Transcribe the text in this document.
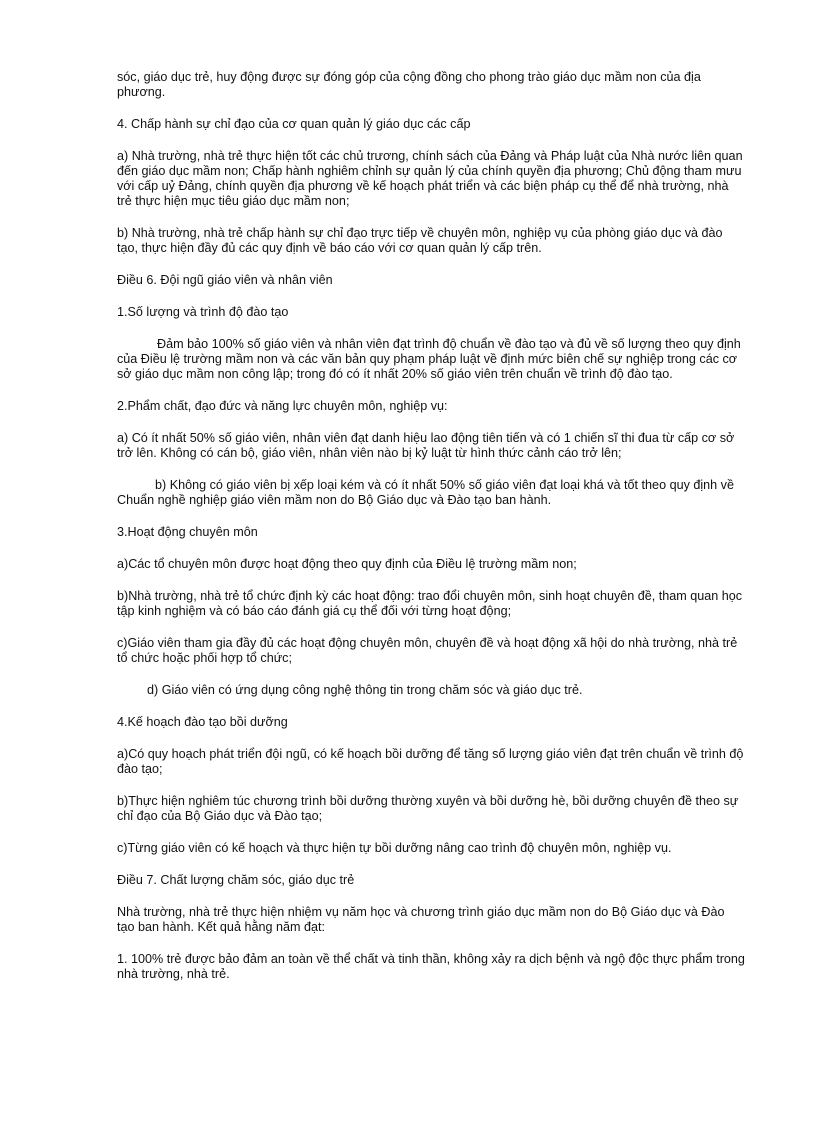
sóc, giáo dục trẻ, huy động được sự đóng góp của cộng đồng cho phong trào giáo dục mầm non của địa phương.

4. Chấp hành sự chỉ đạo của cơ quan quản lý giáo dục các cấp

a) Nhà trường, nhà trẻ thực hiện tốt các chủ trương, chính sách của Đảng và Pháp luật của Nhà nước liên quan đến giáo dục mầm non; Chấp hành nghiêm chỉnh sự quản lý của chính quyền địa phương; Chủ động tham mưu với cấp uỷ Đảng, chính quyền địa phương về kế hoạch phát triển và các biện pháp cụ thể để nhà trường, nhà trẻ thực hiện mục tiêu giáo dục mầm non;

b) Nhà trường, nhà trẻ chấp hành sự chỉ đạo trực tiếp về chuyên môn, nghiệp vụ của phòng giáo dục và đào tạo, thực hiện đầy đủ các quy định về báo cáo với cơ quan quản lý cấp trên.

Điều 6. Đội ngũ giáo viên và nhân viên

1.Số lượng và trình độ đào tạo

Đảm bảo 100% số giáo viên và nhân viên đạt trình độ chuẩn về đào tạo và đủ về số lượng theo quy định của Điều lệ trường mầm non và các văn bản quy phạm pháp luật về định mức biên chế sự nghiệp trong các cơ sở giáo dục mầm non công lập; trong đó có ít nhất 20% số giáo viên trên chuẩn về trình độ đào tạo.

2.Phẩm chất, đạo đức và năng lực chuyên môn, nghiệp vụ:

a) Có ít nhất 50% số giáo viên, nhân viên đạt danh hiệu lao động tiên tiến và có 1 chiến sĩ thi đua từ cấp cơ sở trở lên. Không có cán bộ, giáo viên, nhân viên nào bị kỷ luật từ hình thức cảnh cáo trở lên;

b) Không có giáo viên bị xếp loại kém và có ít nhất 50% số giáo viên đạt loại khá và tốt theo quy định về Chuẩn nghề nghiệp giáo viên mầm non do Bộ Giáo dục và Đào tạo ban hành.

3.Hoạt động chuyên môn

a)Các tổ chuyên môn được hoạt động theo quy định của Điều lệ trường mầm non;

b)Nhà trường, nhà trẻ tổ chức định kỳ các hoạt động: trao đổi chuyên môn, sinh hoạt chuyên đề, tham quan học tập kinh nghiệm và có báo cáo đánh giá cụ thể đối với từng hoạt động;

c)Giáo viên tham gia đầy đủ các hoạt động chuyên môn, chuyên đề và hoạt động xã hội do nhà trường, nhà trẻ tổ chức hoặc phối hợp tổ chức;

d) Giáo viên có ứng dụng công nghệ thông tin trong chăm sóc và giáo dục trẻ.

4.Kế hoạch đào tạo bồi dưỡng

a)Có quy hoạch phát triển đội ngũ, có kế hoạch bồi dưỡng để tăng số lượng giáo viên đạt trên chuẩn về trình độ đào tạo;

b)Thực hiện nghiêm túc chương trình bồi dưỡng thường xuyên và bồi dưỡng hè, bồi dưỡng chuyên đề theo sự chỉ đạo của Bộ Giáo dục và Đào tạo;

c)Từng giáo viên có kế hoạch và thực hiện tự bồi dưỡng nâng cao trình độ chuyên môn, nghiệp vụ.

Điều 7. Chất lượng chăm sóc, giáo dục trẻ

Nhà trường, nhà trẻ thực hiện nhiệm vụ năm học và chương trình giáo dục mầm non do Bộ Giáo dục và Đào tạo ban hành. Kết quả hằng năm đạt:

1. 100% trẻ được bảo đảm an toàn về thể chất và tinh thần, không xảy ra dịch bệnh và ngộ độc thực phẩm trong nhà trường, nhà trẻ.
